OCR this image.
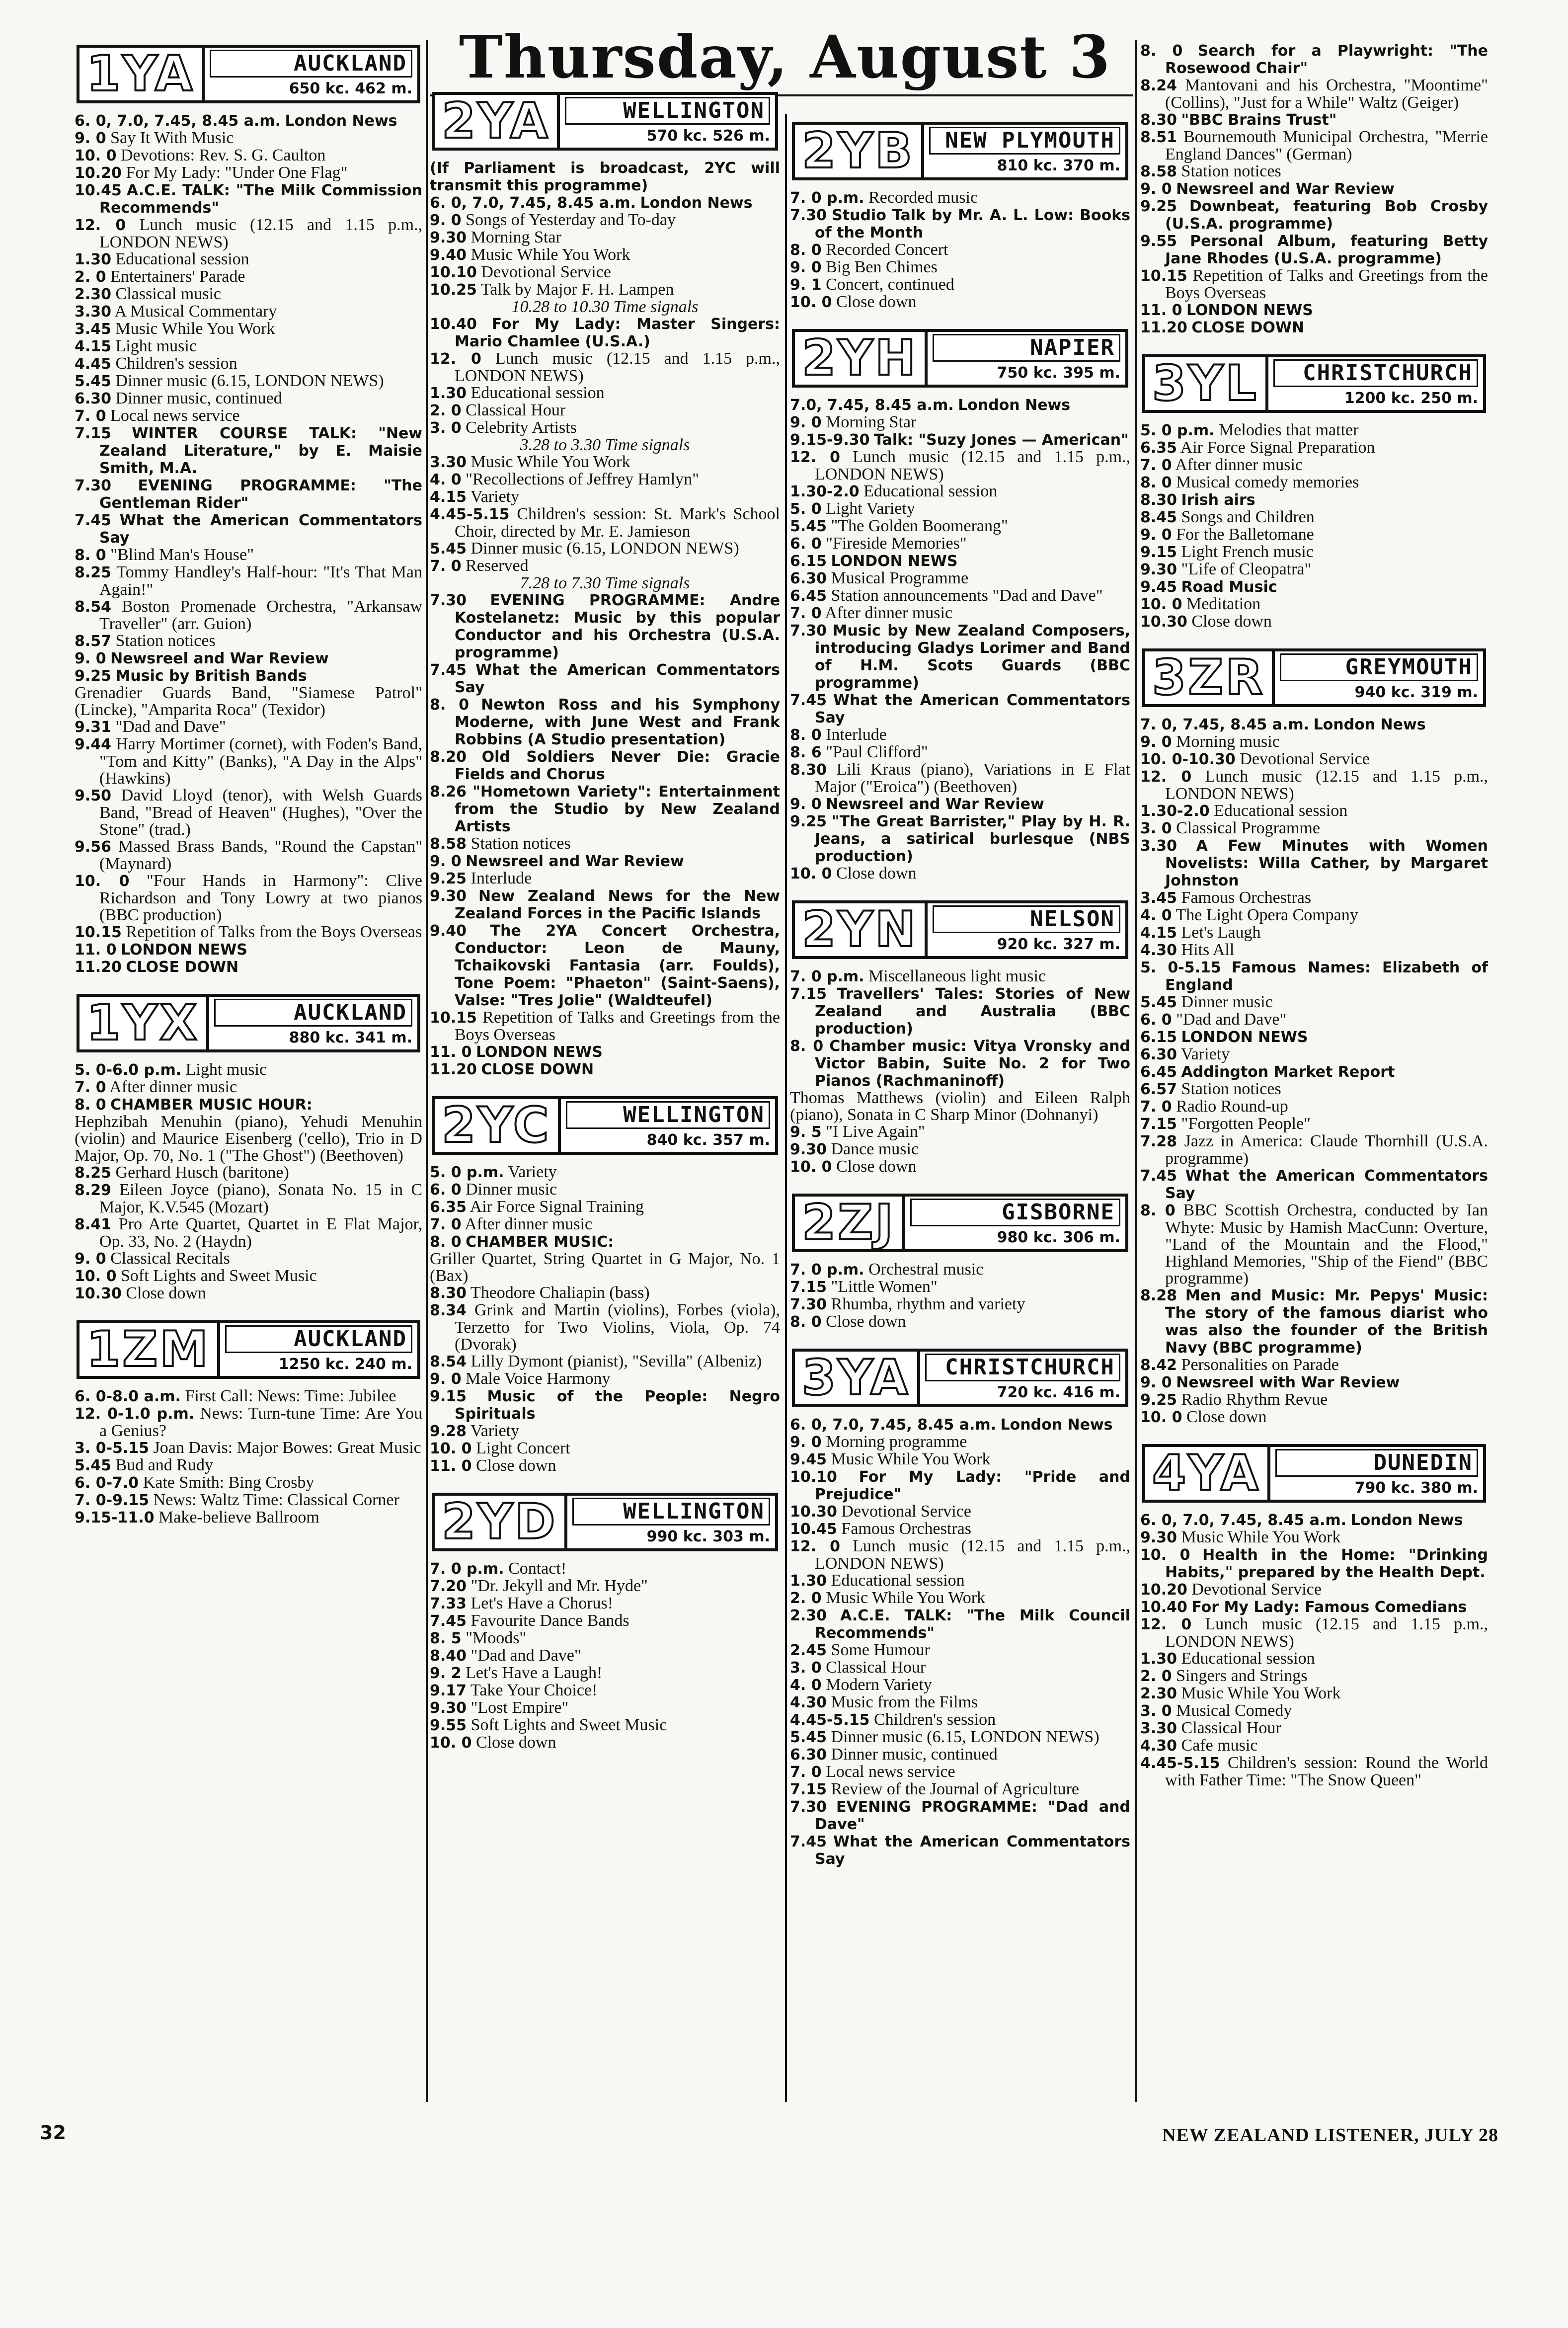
Thursday, August 3
1YA	AUCKLAND
650 kc. 462 m.

6. 0, 7.0, 7.45, 8.45 a.m. London News

9. 0 Say It With Music

10. 0 Devotions: Rev. S. G. Caulton

10.20 For My Lady: "Under One Flag"

10.45 A.C.E. TALK: "The Milk Commission Recommends"

12. 0 Lunch music (12.15 and 1.15 p.m., LONDON NEWS)

1.30 Educational session

2. 0 Entertainers' Parade

2.30 Classical music

3.30 A Musical Commentary

3.45 Music While You Work

4.15 Light music

4.45 Children's session

5.45 Dinner music (6.15, LONDON NEWS)

6.30 Dinner music, continued

7. 0 Local news service

7.15 WINTER COURSE TALK: "New Zealand Literature," by E. Maisie Smith, M.A.

7.30 EVENING PROGRAMME: "The Gentleman Rider"

7.45 What the American Commentators Say

8. 0 "Blind Man's House"

8.25 Tommy Handley's Half-hour: "It's That Man Again!"

8.54 Boston Promenade Orchestra, "Arkansaw Traveller" (arr. Guion)

8.57 Station notices

9. 0 Newsreel and War Review

9.25 Music by British Bands

Grenadier Guards Band, "Siamese Patrol" (Lincke), "Amparita Roca" (Texidor)

9.31 "Dad and Dave"

9.44 Harry Mortimer (cornet), with Foden's Band, "Tom and Kitty" (Banks), "A Day in the Alps" (Hawkins)

9.50 David Lloyd (tenor), with Welsh Guards Band, "Bread of Heaven" (Hughes), "Over the Stone" (trad.)

9.56 Massed Brass Bands, "Round the Capstan" (Maynard)

10. 0 "Four Hands in Harmony": Clive Richardson and Tony Lowry at two pianos (BBC production)

10.15 Repetition of Talks from the Boys Overseas

11. 0 LONDON NEWS

11.20 CLOSE DOWN

1YX	AUCKLAND
880 kc. 341 m.

5. 0-6.0 p.m. Light music

7. 0 After dinner music

8. 0 CHAMBER MUSIC HOUR:

Hephzibah Menuhin (piano), Yehudi Menuhin (violin) and Maurice Eisenberg ('cello), Trio in D Major, Op. 70, No. 1 ("The Ghost") (Beethoven)

8.25 Gerhard Husch (baritone)

8.29 Eileen Joyce (piano), Sonata No. 15 in C Major, K.V.545 (Mozart)

8.41 Pro Arte Quartet, Quartet in E Flat Major, Op. 33, No. 2 (Haydn)

9. 0 Classical Recitals

10. 0 Soft Lights and Sweet Music

10.30 Close down

1ZM	AUCKLAND
1250 kc. 240 m.

6. 0-8.0 a.m. First Call: News: Time: Jubilee

12. 0-1.0 p.m. News: Turn-tune Time: Are You a Genius?

3. 0-5.15 Joan Davis: Major Bowes: Great Music

5.45 Bud and Rudy

6. 0-7.0 Kate Smith: Bing Crosby

7. 0-9.15 News: Waltz Time: Classical Corner

9.15-11.0 Make-believe Ballroom

2YA	WELLINGTON
570 kc. 526 m.

(If Parliament is broadcast, 2YC will transmit this programme)

6. 0, 7.0, 7.45, 8.45 a.m. London News

9. 0 Songs of Yesterday and To-day

9.30 Morning Star

9.40 Music While You Work

10.10 Devotional Service

10.25 Talk by Major F. H. Lampen

10.28 to 10.30 Time signals

10.40 For My Lady: Master Singers: Mario Chamlee (U.S.A.)

12. 0 Lunch music (12.15 and 1.15 p.m., LONDON NEWS)

1.30 Educational session

2. 0 Classical Hour

3. 0 Celebrity Artists

3.28 to 3.30 Time signals

3.30 Music While You Work

4. 0 "Recollections of Jeffrey Hamlyn"

4.15 Variety

4.45-5.15 Children's session: St. Mark's School Choir, directed by Mr. E. Jamieson

5.45 Dinner music (6.15, LONDON NEWS)

7. 0 Reserved

7.28 to 7.30 Time signals

7.30 EVENING PROGRAMME: Andre Kostelanetz: Music by this popular Conductor and his Orchestra (U.S.A. programme)

7.45 What the American Commentators Say

8. 0 Newton Ross and his Symphony Moderne, with June West and Frank Robbins (A Studio presentation)

8.20 Old Soldiers Never Die: Gracie Fields and Chorus

8.26 "Hometown Variety": Entertainment from the Studio by New Zealand Artists

8.58 Station notices

9. 0 Newsreel and War Review

9.25 Interlude

9.30 New Zealand News for the New Zealand Forces in the Pacific Islands

9.40 The 2YA Concert Orchestra, Conductor: Leon de Mauny, Tchaikovski Fantasia (arr. Foulds), Tone Poem: "Phaeton" (Saint-Saens), Valse: "Tres Jolie" (Waldteufel)

10.15 Repetition of Talks and Greetings from the Boys Overseas

11. 0 LONDON NEWS

11.20 CLOSE DOWN

2YC	WELLINGTON
840 kc. 357 m.

5. 0 p.m. Variety

6. 0 Dinner music

6.35 Air Force Signal Training

7. 0 After dinner music

8. 0 CHAMBER MUSIC:

Griller Quartet, String Quartet in G Major, No. 1 (Bax)

8.30 Theodore Chaliapin (bass)

8.34 Grink and Martin (violins), Forbes (viola), Terzetto for Two Violins, Viola, Op. 74 (Dvorak)

8.54 Lilly Dymont (pianist), "Sevilla" (Albeniz)

9. 0 Male Voice Harmony

9.15 Music of the People: Negro Spirituals

9.28 Variety

10. 0 Light Concert

11. 0 Close down

2YD	WELLINGTON
990 kc. 303 m.

7. 0 p.m. Contact!

7.20 "Dr. Jekyll and Mr. Hyde"

7.33 Let's Have a Chorus!

7.45 Favourite Dance Bands

8. 5 "Moods"

8.40 "Dad and Dave"

9. 2 Let's Have a Laugh!

9.17 Take Your Choice!

9.30 "Lost Empire"

9.55 Soft Lights and Sweet Music

10. 0 Close down

2YB	NEW PLYMOUTH
810 kc. 370 m.

7. 0 p.m. Recorded music

7.30 Studio Talk by Mr. A. L. Low: Books of the Month

8. 0 Recorded Concert

9. 0 Big Ben Chimes

9. 1 Concert, continued

10. 0 Close down

2YH	NAPIER
750 kc. 395 m.

7.0, 7.45, 8.45 a.m. London News

9. 0 Morning Star

9.15-9.30 Talk: "Suzy Jones — American"

12. 0 Lunch music (12.15 and 1.15 p.m., LONDON NEWS)

1.30-2.0 Educational session

5. 0 Light Variety

5.45 "The Golden Boomerang"

6. 0 "Fireside Memories"

6.15 LONDON NEWS

6.30 Musical Programme

6.45 Station announcements "Dad and Dave"

7. 0 After dinner music

7.30 Music by New Zealand Composers, introducing Gladys Lorimer and Band of H.M. Scots Guards (BBC programme)

7.45 What the American Commentators Say

8. 0 Interlude

8. 6 "Paul Clifford"

8.30 Lili Kraus (piano), Variations in E Flat Major ("Eroica") (Beethoven)

9. 0 Newsreel and War Review

9.25 "The Great Barrister," Play by H. R. Jeans, a satirical burlesque (NBS production)

10. 0 Close down

2YN	NELSON
920 kc. 327 m.

7. 0 p.m. Miscellaneous light music

7.15 Travellers' Tales: Stories of New Zealand and Australia (BBC production)

8. 0 Chamber music: Vitya Vronsky and Victor Babin, Suite No. 2 for Two Pianos (Rachmaninoff)

Thomas Matthews (violin) and Eileen Ralph (piano), Sonata in C Sharp Minor (Dohnanyi)

9. 5 "I Live Again"

9.30 Dance music

10. 0 Close down

2ZJ	GISBORNE
980 kc. 306 m.

7. 0 p.m. Orchestral music

7.15 "Little Women"

7.30 Rhumba, rhythm and variety

8. 0 Close down

3YA	CHRISTCHURCH
720 kc. 416 m.

6. 0, 7.0, 7.45, 8.45 a.m. London News

9. 0 Morning programme

9.45 Music While You Work

10.10 For My Lady: "Pride and Prejudice"

10.30 Devotional Service

10.45 Famous Orchestras

12. 0 Lunch music (12.15 and 1.15 p.m., LONDON NEWS)

1.30 Educational session

2. 0 Music While You Work

2.30 A.C.E. TALK: "The Milk Council Recommends"

2.45 Some Humour

3. 0 Classical Hour

4. 0 Modern Variety

4.30 Music from the Films

4.45-5.15 Children's session

5.45 Dinner music (6.15, LONDON NEWS)

6.30 Dinner music, continued

7. 0 Local news service

7.15 Review of the Journal of Agriculture

7.30 EVENING PROGRAMME: "Dad and Dave"

7.45 What the American Commentators Say

8. 0 Search for a Playwright: "The Rosewood Chair"

8.24 Mantovani and his Orchestra, "Moontime" (Collins), "Just for a While" Waltz (Geiger)

8.30 "BBC Brains Trust"

8.51 Bournemouth Municipal Orchestra, "Merrie England Dances" (German)

8.58 Station notices

9. 0 Newsreel and War Review

9.25 Downbeat, featuring Bob Crosby (U.S.A. programme)

9.55 Personal Album, featuring Betty Jane Rhodes (U.S.A. programme)

10.15 Repetition of Talks and Greetings from the Boys Overseas

11. 0 LONDON NEWS

11.20 CLOSE DOWN

3YL	CHRISTCHURCH
1200 kc. 250 m.

5. 0 p.m. Melodies that matter

6.35 Air Force Signal Preparation

7. 0 After dinner music

8. 0 Musical comedy memories

8.30 Irish airs

8.45 Songs and Children

9. 0 For the Balletomane

9.15 Light French music

9.30 "Life of Cleopatra"

9.45 Road Music

10. 0 Meditation

10.30 Close down

3ZR	GREYMOUTH
940 kc. 319 m.

7. 0, 7.45, 8.45 a.m. London News

9. 0 Morning music

10. 0-10.30 Devotional Service

12. 0 Lunch music (12.15 and 1.15 p.m., LONDON NEWS)

1.30-2.0 Educational session

3. 0 Classical Programme

3.30 A Few Minutes with Women Novelists: Willa Cather, by Margaret Johnston

3.45 Famous Orchestras

4. 0 The Light Opera Company

4.15 Let's Laugh

4.30 Hits All

5. 0-5.15 Famous Names: Elizabeth of England

5.45 Dinner music

6. 0 "Dad and Dave"

6.15 LONDON NEWS

6.30 Variety

6.45 Addington Market Report

6.57 Station notices

7. 0 Radio Round-up

7.15 "Forgotten People"

7.28 Jazz in America: Claude Thornhill (U.S.A. programme)

7.45 What the American Commentators Say

8. 0 BBC Scottish Orchestra, conducted by Ian Whyte: Music by Hamish MacCunn: Overture, "Land of the Mountain and the Flood," Highland Memories, "Ship of the Fiend" (BBC programme)

8.28 Men and Music: Mr. Pepys' Music: The story of the famous diarist who was also the founder of the British Navy (BBC programme)

8.42 Personalities on Parade

9. 0 Newsreel with War Review

9.25 Radio Rhythm Revue

10. 0 Close down

4YA	DUNEDIN
790 kc. 380 m.

6. 0, 7.0, 7.45, 8.45 a.m. London News

9.30 Music While You Work

10. 0 Health in the Home: "Drinking Habits," prepared by the Health Dept.

10.20 Devotional Service

10.40 For My Lady: Famous Comedians

12. 0 Lunch music (12.15 and 1.15 p.m., LONDON NEWS)

1.30 Educational session

2. 0 Singers and Strings

2.30 Music While You Work

3. 0 Musical Comedy

3.30 Classical Hour

4.30 Cafe music

4.45-5.15 Children's session: Round the World with Father Time: "The Snow Queen"

32	NEW ZEALAND LISTENER, JULY 28
